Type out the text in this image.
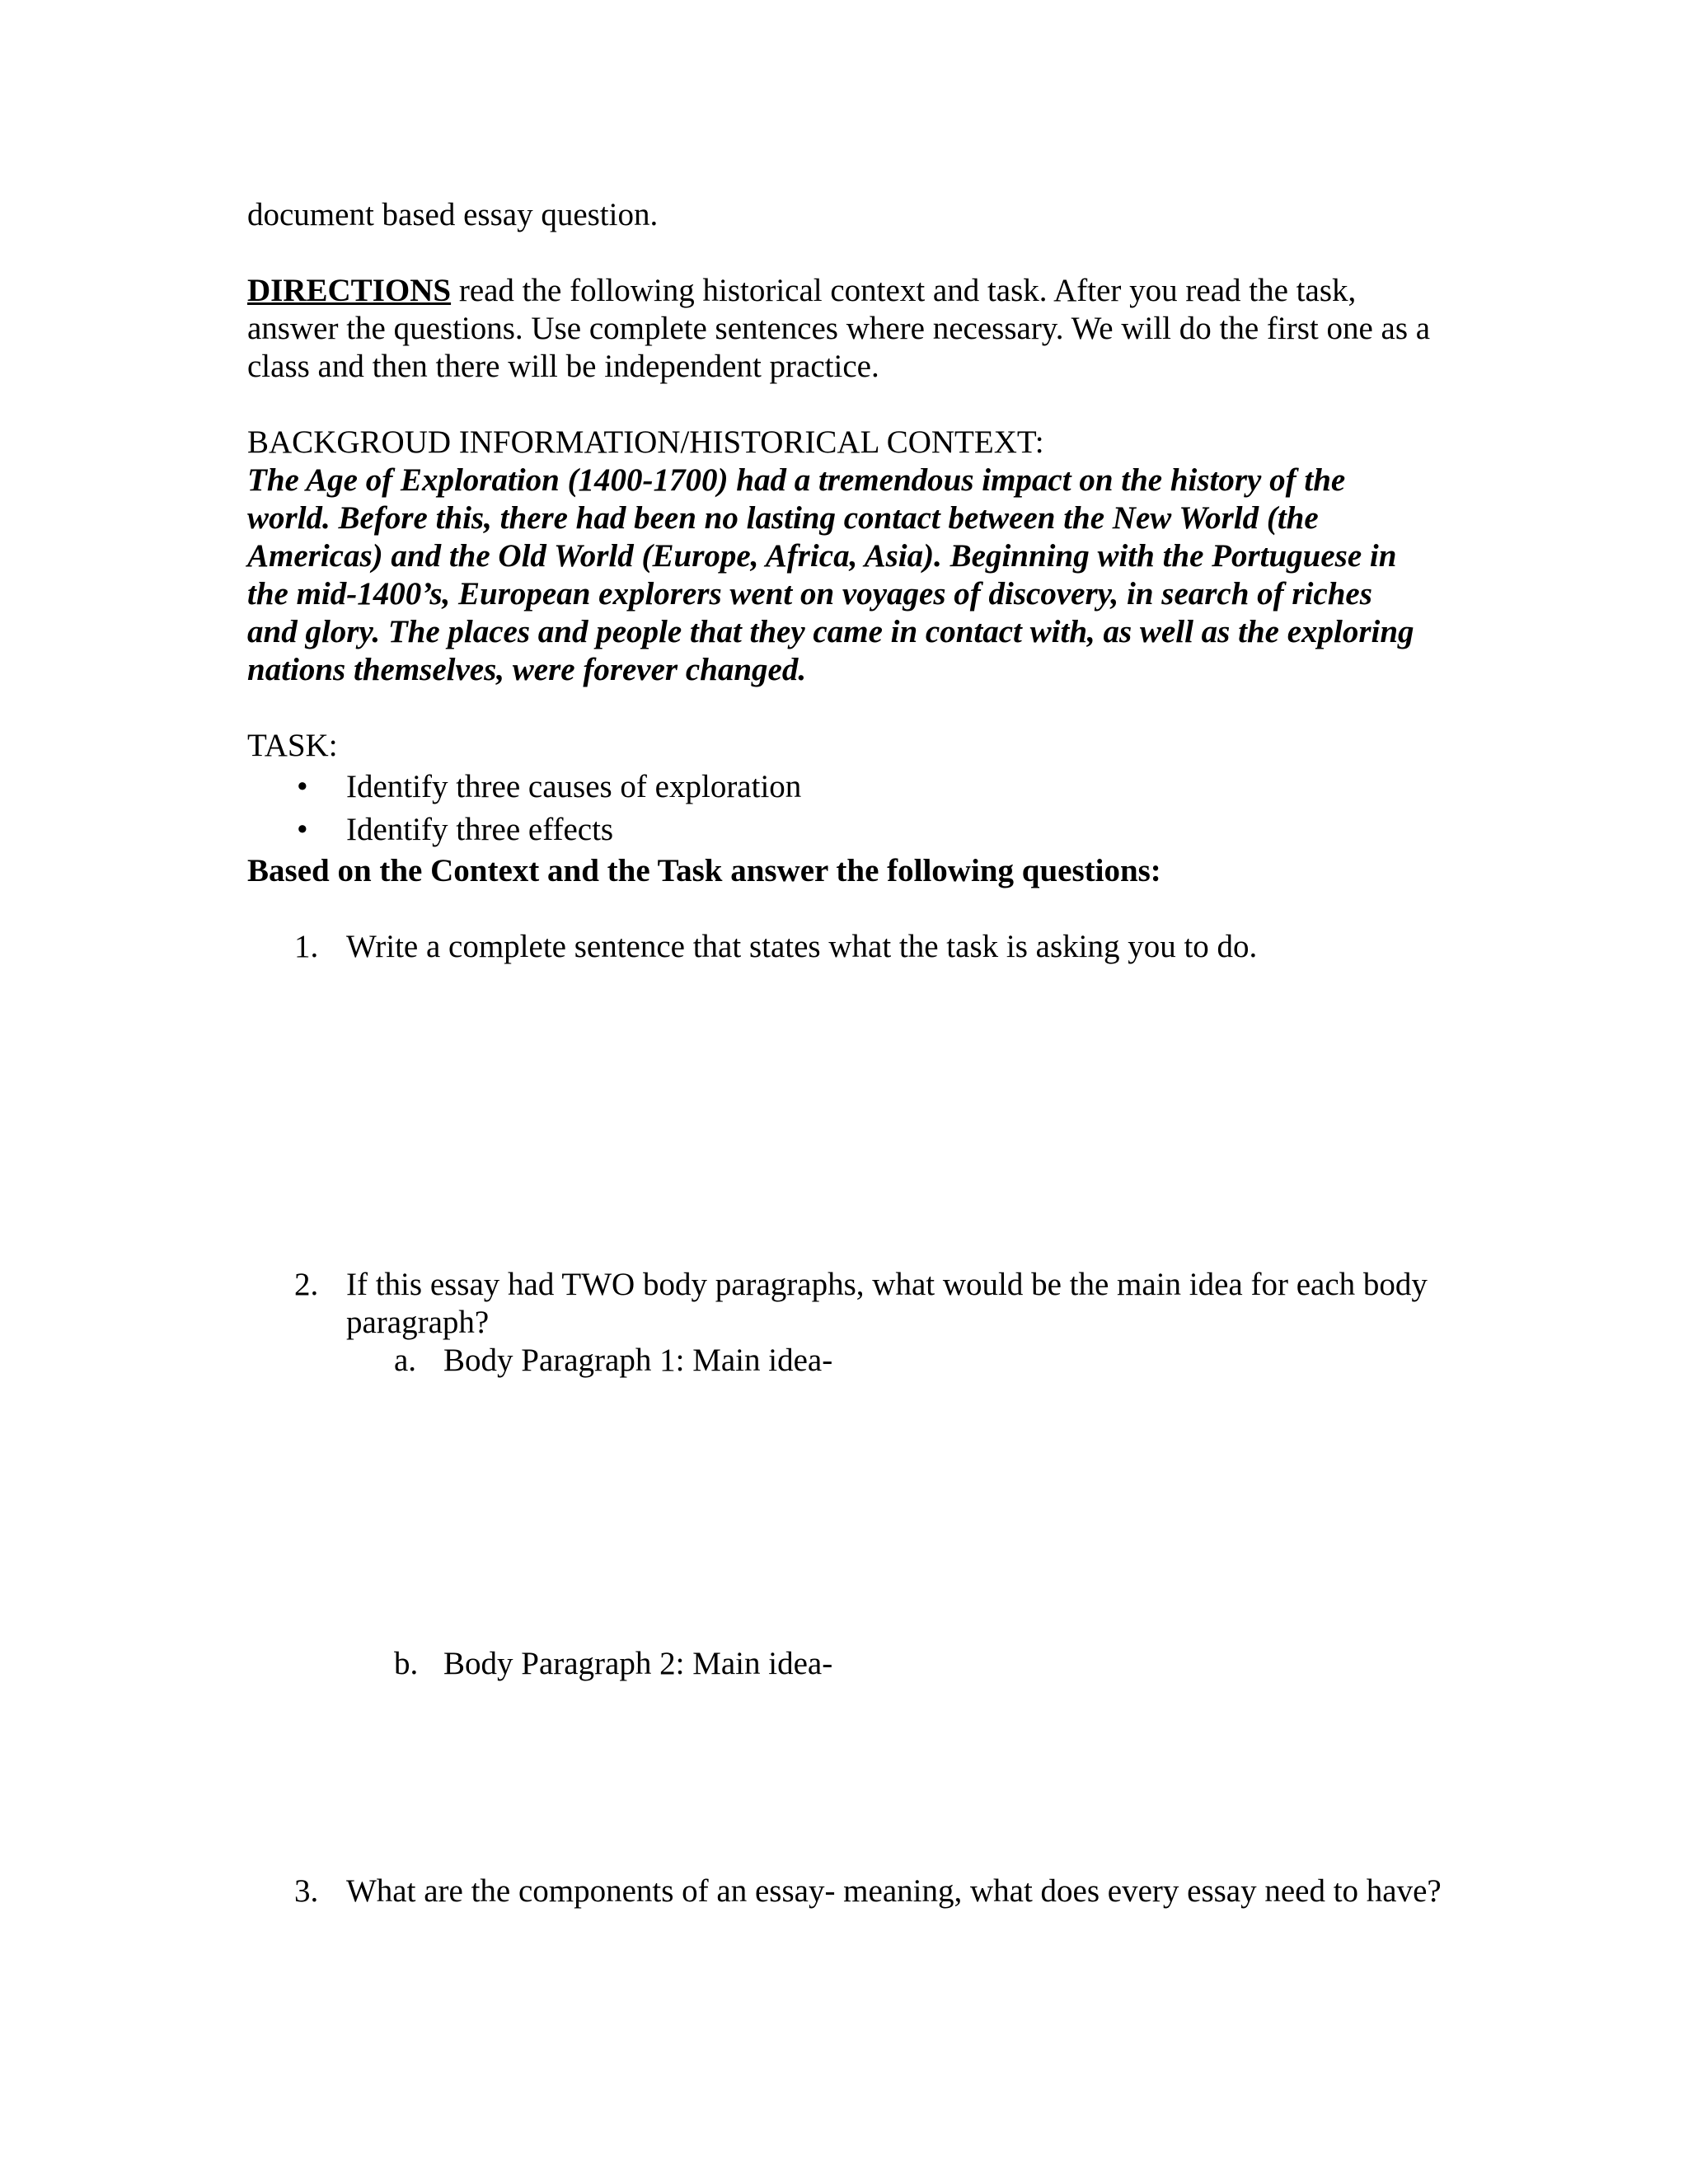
document based essay question.

DIRECTIONS read the following historical context and task. After you read the task, answer the questions. Use complete sentences where necessary. We will do the first one as a class and then there will be independent practice.

BACKGROUD INFORMATION/HISTORICAL CONTEXT:

The Age of Exploration (1400-1700) had a tremendous impact on the history of the world. Before this, there had been no lasting contact between the New World (the Americas) and the Old World (Europe, Africa, Asia). Beginning with the Portuguese in the mid-1400’s, European explorers went on voyages of discovery, in search of riches and glory. The places and people that they came in contact with, as well as the exploring nations themselves, were forever changed.

TASK:

• Identify three causes of exploration
• Identify three effects

Based on the Context and the Task answer the following questions:

1. Write a complete sentence that states what the task is asking you to do.
2. If this essay had TWO body paragraphs, what would be the main idea for each body paragraph?
a. Body Paragraph 1: Main idea-
b. Body Paragraph 2: Main idea-
3. What are the components of an essay- meaning, what does every essay need to have?
